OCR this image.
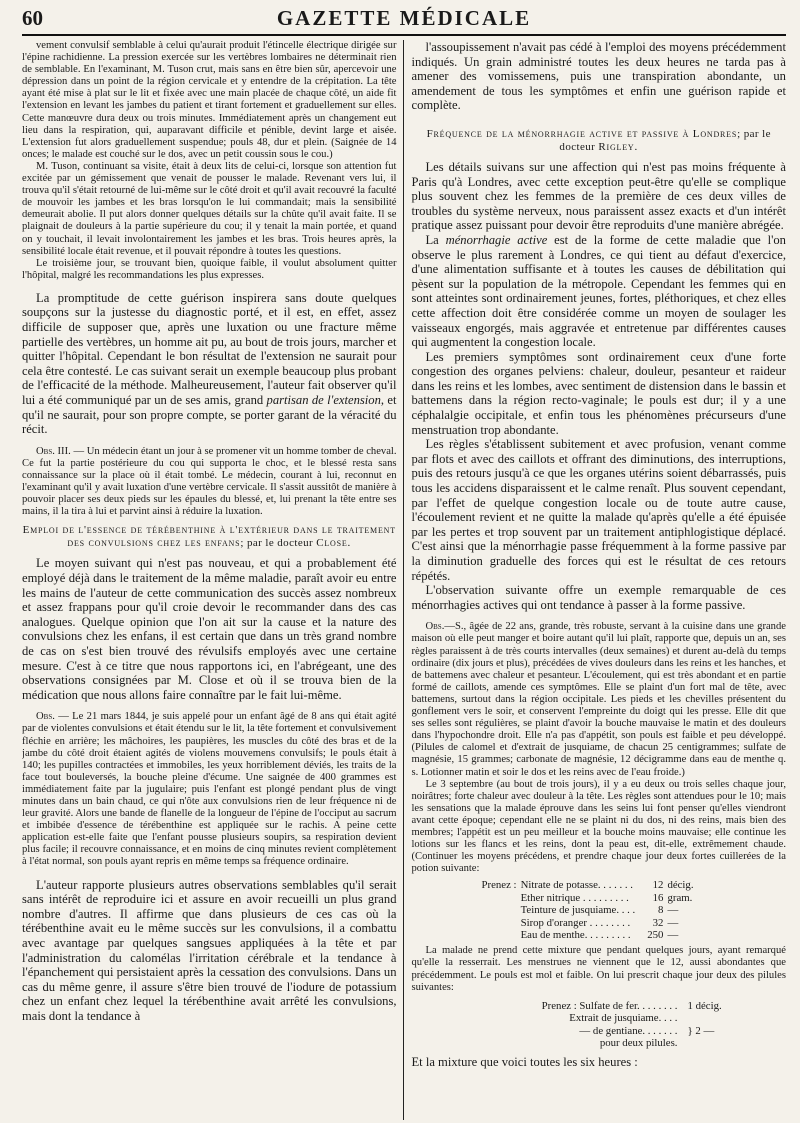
60	GAZETTE MÉDICALE

vement convulsif semblable à celui qu'aurait produit l'étincelle électrique dirigée sur l'épine rachidienne. La pression exercée sur les vertèbres lombaires ne déterminait rien de semblable. En l'examinant, M. Tuson crut, mais sans en être bien sûr, apercevoir une dépression dans un point de la région cervicale et y entendre de la crépitation. La tête ayant été mise à plat sur le lit et fixée avec une main placée de chaque côté, un aide fit l'extension en levant les jambes du patient et tirant fortement et graduellement sur elles. Cette manœuvre dura deux ou trois minutes. Immédiatement après un changement eut lieu dans la respiration, qui, auparavant difficile et pénible, devint large et aisée. L'extension fut alors graduellement suspendue; pouls 48, dur et plein. (Saignée de 14 onces; le malade est couché sur le dos, avec un petit coussin sous le cou.)

M. Tuson, continuant sa visite, était à deux lits de celui-ci, lorsque son attention fut excitée par un gémissement que venait de pousser le malade. Revenant vers lui, il trouva qu'il s'était retourné de lui-même sur le côté droit et qu'il avait recouvré la faculté de mouvoir les jambes et les bras lorsqu'on le lui commandait; mais la sensibilité demeurait abolie. Il put alors donner quelques détails sur la chûte qu'il avait faite. Il se plaignait de douleurs à la partie supérieure du cou; il y tenait la main portée, et quand on y touchait, il levait involontairement les jambes et les bras. Trois heures après, la sensibilité locale était revenue, et il pouvait répondre à toutes les questions.

Le troisième jour, se trouvant bien, quoique faible, il voulut absolument quitter l'hôpital, malgré les recommandations les plus expresses.

La promptitude de cette guérison inspirera sans doute quelques soupçons sur la justesse du diagnostic porté, et il est, en effet, assez difficile de supposer que, après une luxation ou une fracture même partielle des vertèbres, un homme ait pu, au bout de trois jours, marcher et quitter l'hôpital. Cependant le bon résultat de l'extension ne saurait pour cela être contesté. Le cas suivant serait un exemple beaucoup plus probant de l'efficacité de la méthode. Malheureusement, l'auteur fait observer qu'il lui a été communiqué par un de ses amis, grand partisan de l'extension, et qu'il ne saurait, pour son propre compte, se porter garant de la véracité du récit.

Obs. III. — Un médecin étant un jour à se promener vit un homme tomber de cheval. Ce fut la partie postérieure du cou qui supporta le choc, et le blessé resta sans connaissance sur la place où il était tombé. Le médecin, courant à lui, reconnut en l'examinant qu'il y avait luxation d'une vertèbre cervicale. Il s'assit aussitôt de manière à pouvoir placer ses deux pieds sur les épaules du blessé, et, lui prenant la tête entre ses mains, il la tira à lui et parvint ainsi à réduire la luxation.

Emploi de l'essence de térébenthine à l'extérieur dans le traitement des convulsions chez les enfans; par le docteur Close.

Le moyen suivant qui n'est pas nouveau, et qui a probablement été employé déjà dans le traitement de la même maladie, paraît avoir eu entre les mains de l'auteur de cette communication des succès assez nombreux et assez frappans pour qu'il croie devoir le recommander dans des cas analogues. Quelque opinion que l'on ait sur la cause et la nature des convulsions chez les enfans, il est certain que dans un très grand nombre de cas on s'est bien trouvé des révulsifs employés avec une certaine mesure. C'est à ce titre que nous rapportons ici, en l'abrégeant, une des observations consignées par M. Close et où il se trouva bien de la médication que nous allons faire connaître par le fait lui-même.

Obs. — Le 21 mars 1844, je suis appelé pour un enfant âgé de 8 ans qui était agité par de violentes convulsions et était étendu sur le lit, la tête fortement et convulsivement fléchie en arrière; les mâchoires, les paupières, les muscles du côté des bras et de la jambe du côté droit étaient agités de violens mouvemens convulsifs; le pouls était à 140; les pupilles contractées et immobiles, les yeux horriblement déviés, les traits de la face tout bouleversés, la bouche pleine d'écume. Une saignée de 400 grammes est immédiatement faite par la jugulaire; puis l'enfant est plongé pendant plus de vingt minutes dans un bain chaud, ce qui n'ôte aux convulsions rien de leur fréquence ni de leur gravité. Alors une bande de flanelle de la longueur de l'épine de l'occiput au sacrum et imbibée d'essence de térébenthine est appliquée sur le rachis. A peine cette application est-elle faite que l'enfant pousse plusieurs soupirs, sa respiration devient plus facile; il recouvre connaissance, et en moins de cinq minutes revient complètement à l'état normal, son pouls ayant repris en même temps sa fréquence ordinaire.

L'auteur rapporte plusieurs autres observations semblables qu'il serait sans intérêt de reproduire ici et assure en avoir recueilli un plus grand nombre d'autres. Il affirme que dans plusieurs de ces cas où la térébenthine avait eu le même succès sur les convulsions, il a combattu avec avantage par quelques sangsues appliquées à la tête et par l'administration du calomélas l'irritation cérébrale et la tendance à l'épanchement qui persistaient après la cessation des convulsions. Dans un cas du même genre, il assure s'être bien trouvé de l'iodure de potassium chez un enfant chez lequel la térébenthine avait arrêté les convulsions, mais dont la tendance à

l'assoupissement n'avait pas cédé à l'emploi des moyens précédemment indiqués. Un grain administré toutes les deux heures ne tarda pas à amener des vomissemens, puis une transpiration abondante, un amendement de tous les symptômes et enfin une guérison rapide et complète.

Fréquence de la ménorrhagie active et passive à Londres; par le docteur Rigley.

Les détails suivans sur une affection qui n'est pas moins fréquente à Paris qu'à Londres, avec cette exception peut-être qu'elle se complique plus souvent chez les femmes de la première de ces deux villes de troubles du système nerveux, nous paraissent assez exacts et d'un intérêt pratique assez puissant pour devoir être reproduits d'une manière abrégée.

La ménorrhagie active est de la forme de cette maladie que l'on observe le plus rarement à Londres, ce qui tient au défaut d'exercice, d'une alimentation suffisante et à toutes les causes de débilitation qui pèsent sur la population de la métropole. Cependant les femmes qui en sont atteintes sont ordinairement jeunes, fortes, pléthoriques, et chez elles cette affection doit être considérée comme un moyen de soulager les vaisseaux engorgés, mais aggravée et entretenue par différentes causes qui augmentent la congestion locale.

Les premiers symptômes sont ordinairement ceux d'une forte congestion des organes pelviens: chaleur, douleur, pesanteur et raideur dans les reins et les lombes, avec sentiment de distension dans le bassin et battemens dans la région recto-vaginale; le pouls est dur; il y a une céphalalgie occipitale, et enfin tous les phénomènes précurseurs d'une menstruation trop abondante.

Les règles s'établissent subitement et avec profusion, venant comme par flots et avec des caillots et offrant des diminutions, des interruptions, puis des retours jusqu'à ce que les organes utérins soient débarrassés, puis tous les accidens disparaissent et le calme renaît. Plus souvent cependant, par l'effet de quelque congestion locale ou de toute autre cause, l'écoulement revient et ne quitte la malade qu'après qu'elle a été épuisée par les pertes et trop souvent par un traitement antiphlogistique déplacé. C'est ainsi que la ménorrhagie passe fréquemment à la forme passive par la diminution graduelle des forces qui est le résultat de ces retours répétés.

L'observation suivante offre un exemple remarquable de ces ménorrhagies actives qui ont tendance à passer à la forme passive.

Obs.—S., âgée de 22 ans, grande, très robuste, servant à la cuisine dans une grande maison où elle peut manger et boire autant qu'il lui plaît, rapporte que, depuis un an, ses règles paraissent à de très courts intervalles (deux semaines) et durent au-delà du temps ordinaire (dix jours et plus), précédées de vives douleurs dans les reins et les hanches, et de battemens avec chaleur et pesanteur. L'écoulement, qui est très abondant et en partie formé de caillots, amende ces symptômes. Elle se plaint d'un fort mal de tête, avec battemens, surtout dans la région occipitale. Les pieds et les chevilles présentent du gonflement vers le soir, et conservent l'empreinte du doigt qui les presse. Elle dit que ses selles sont régulières, se plaint d'avoir la bouche mauvaise le matin et des douleurs dans l'hypochondre droit. Elle n'a pas d'appétit, son pouls est faible et peu développé. (Pilules de calomel et d'extrait de jusquiame, de chacun 25 centigrammes; sulfate de magnésie, 15 grammes; carbonate de magnésie, 12 décigramme dans eau de menthe q. s. Lotionner matin et soir le dos et les reins avec de l'eau froide.)

Le 3 septembre (au bout de trois jours), il y a eu deux ou trois selles chaque jour, noirâtres; forte chaleur avec douleur à la tête. Les règles sont attendues pour le 10; mais les sensations que la malade éprouve dans les seins lui font penser qu'elles viendront avant cette époque; cependant elle ne se plaint ni du dos, ni des reins, mais bien des membres; l'appétit est un peu meilleur et la bouche moins mauvaise; elle continue les lotions sur les flancs et les reins, dont la peau est, dit-elle, extrêmement chaude. (Continuer les moyens précédens, et prendre chaque jour deux fortes cuillerées de la potion suivante:

Prenez :	Nitrate de potasse. . . . . . .	12	décig.
	Ether nitrique . . . . . . . . .	16	gram.
	Teinture de jusquiame. . . .	8	—
	Sirop d'oranger . . . . . . . .	32	—
	Eau de menthe. . . . . . . . .	250	—

La malade ne prend cette mixture que pendant quelques jours, ayant remarqué qu'elle la resserrait. Les menstrues ne viennent que le 12, aussi abondantes que précédemment. Le pouls est mol et faible. On lui prescrit chaque jour deux des pilules suivantes:

Prenez : Sulfate de fer. . . . . . . . 1 décig.
Extrait de jusquiame. . . .
— de gentiane. . . . . . . } 2 —
pour deux pilules.

Et la mixture que voici toutes les six heures :
